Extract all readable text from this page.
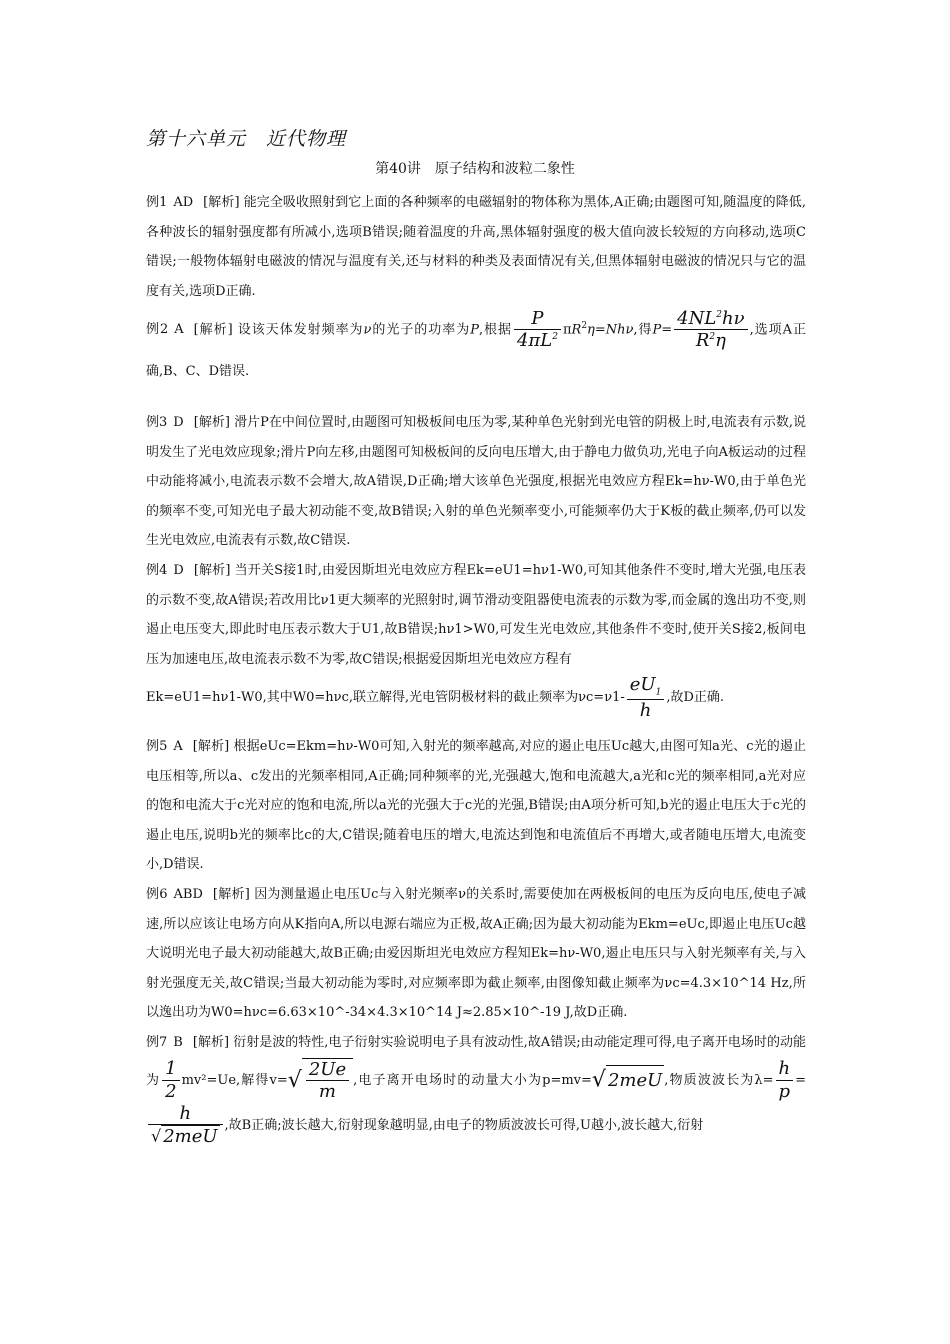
第十六单元　近代物理
第40讲　原子结构和波粒二象性
例1 AD [解析] 能完全吸收照射到它上面的各种频率的电磁辐射的物体称为黑体,A正确;由题图可知,随温度的降低,各种波长的辐射强度都有所减小,选项B错误;随着温度的升高,黑体辐射强度的极大值向波长较短的方向移动,选项C错误;一般物体辐射电磁波的情况与温度有关,还与材料的种类及表面情况有关,但黑体辐射电磁波的情况只与它的温度有关,选项D正确.
例2 A [解析] 设该天体发射频率为ν的光子的功率为P,根据 $\frac{P}{4\pi L^2} \pi R^2\eta=Nh\nu$,得$P= \frac{4NL^2h\nu}{R^2\eta}$ ,选项A正确,B、C、D错误.
例3 D [解析] 滑片P在中间位置时,由题图可知极板间电压为零,某种单色光射到光电管的阴极上时,电流表有示数,说明发生了光电效应现象;滑片P向左移,由题图可知极板间的反向电压增大,由于静电力做负功,光电子向A板运动的过程中动能将减小,电流表示数不会增大,故A错误,D正确;增大该单色光强度,根据光电效应方程Ek=hν-W0,由于单色光的频率不变,可知光电子最大初动能不变,故B错误;入射的单色光频率变小,可能频率仍大于K板的截止频率,仍可以发生光电效应,电流表有示数,故C错误.
例4 D [解析] 当开关S接1时,由爱因斯坦光电效应方程Ek=eU1=hν1-W0,可知其他条件不变时,增大光强,电压表的示数不变,故A错误;若改用比ν1更大频率的光照射时,调节滑动变阻器使电流表的示数为零,而金属的逸出功不变,则遏止电压变大,即此时电压表示数大于U1,故B错误;hν1>W0,可发生光电效应,其他条件不变时,使开关S接2,板间电压为加速电压,故电流表示数不为零,故C错误;根据爱因斯坦光电效应方程有
Ek=eU1=hν1-W0,其中W0=hνc,联立解得,光电管阴极材料的截止频率为$\nu c=\nu 1- \frac{eU_1}{h}$ ,故D正确.
例5 A [解析] 根据eUc=Ekm=hν-W0可知,入射光的频率越高,对应的遏止电压Uc越大,由图可知a光、c光的遏止电压相等,所以a、c发出的光频率相同,A正确;同种频率的光,光强越大,饱和电流越大,a光和c光的频率相同,a光对应的饱和电流大于c光对应的饱和电流,所以a光的光强大于c光的光强,B错误;由A项分析可知,b光的遏止电压大于c光的遏止电压,说明b光的频率比c的大,C错误;随着电压的增大,电流达到饱和电流值后不再增大,或者随电压增大,电流变小,D错误.
例6 ABD [解析] 因为测量遏止电压Uc与入射光频率ν的关系时,需要使加在两极板间的电压为反向电压,使电子减速,所以应该让电场方向从K指向A,所以电源右端应为正极,故A正确;因为最大初动能为Ekm=eUc,即遏止电压Uc越大说明光电子最大初动能越大,故B正确;由爱因斯坦光电效应方程知Ek=hν-W0,遏止电压只与入射光频率有关,与入射光强度无关,故C错误;当最大初动能为零时,对应频率即为截止频率,由图像知截止频率为νc=4.3×10^14 Hz,所以逸出功为W0=hνc=6.63×10^-34×4.3×10^14 J≈2.85×10^-19 J,故D正确.
例7 B [解析] 衍射是波的特性,电子衍射实验说明电子具有波动性,故A错误;由动能定理可得,电子离开电场时的动能为 $\frac{1}{2} mv^2=Ue$,解得$v=√ \frac{2Ue}{m}$ ,电子离开电场时的动量大小为p=mv=√ 2meU ,物质波波长为$\lambda= \frac{h}{p}$ =
$\frac{h}{\text{√ 2meU}}$ ,故B正确;波长越大,衍射现象越明显,由电子的物质波波长可得,U越小,波长越大,衍射
